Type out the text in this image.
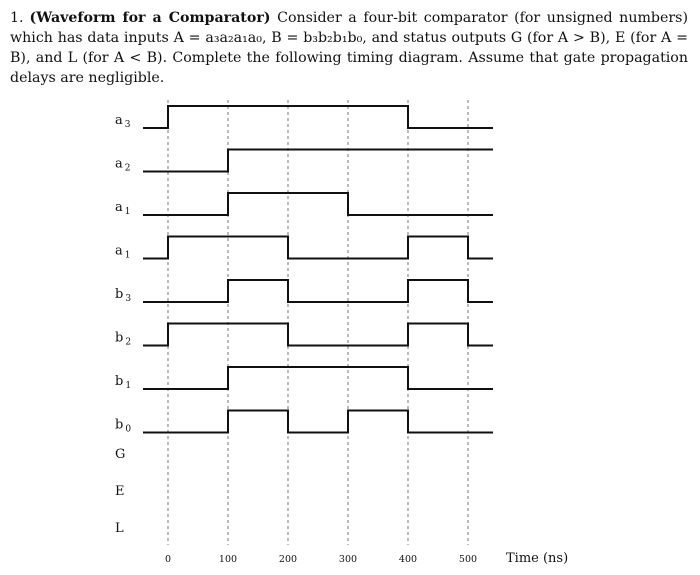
1. (Waveform for a Comparator) Consider a four-bit comparator (for unsigned numbers) which has data inputs A = a₃a₂a₁a₀, B = b₃b₂b₁b₀, and status outputs G (for A > B), E (for A = B), and L (for A < B). Complete the following timing diagram. Assume that gate propagation delays are negligible.
a $_3$
a $_2$
a $_1$
a $_1$
b $_3$
b $_2$
b $_1$
b $_0$
G
E
L
0	100	200	300	400	500 Time (ns)
